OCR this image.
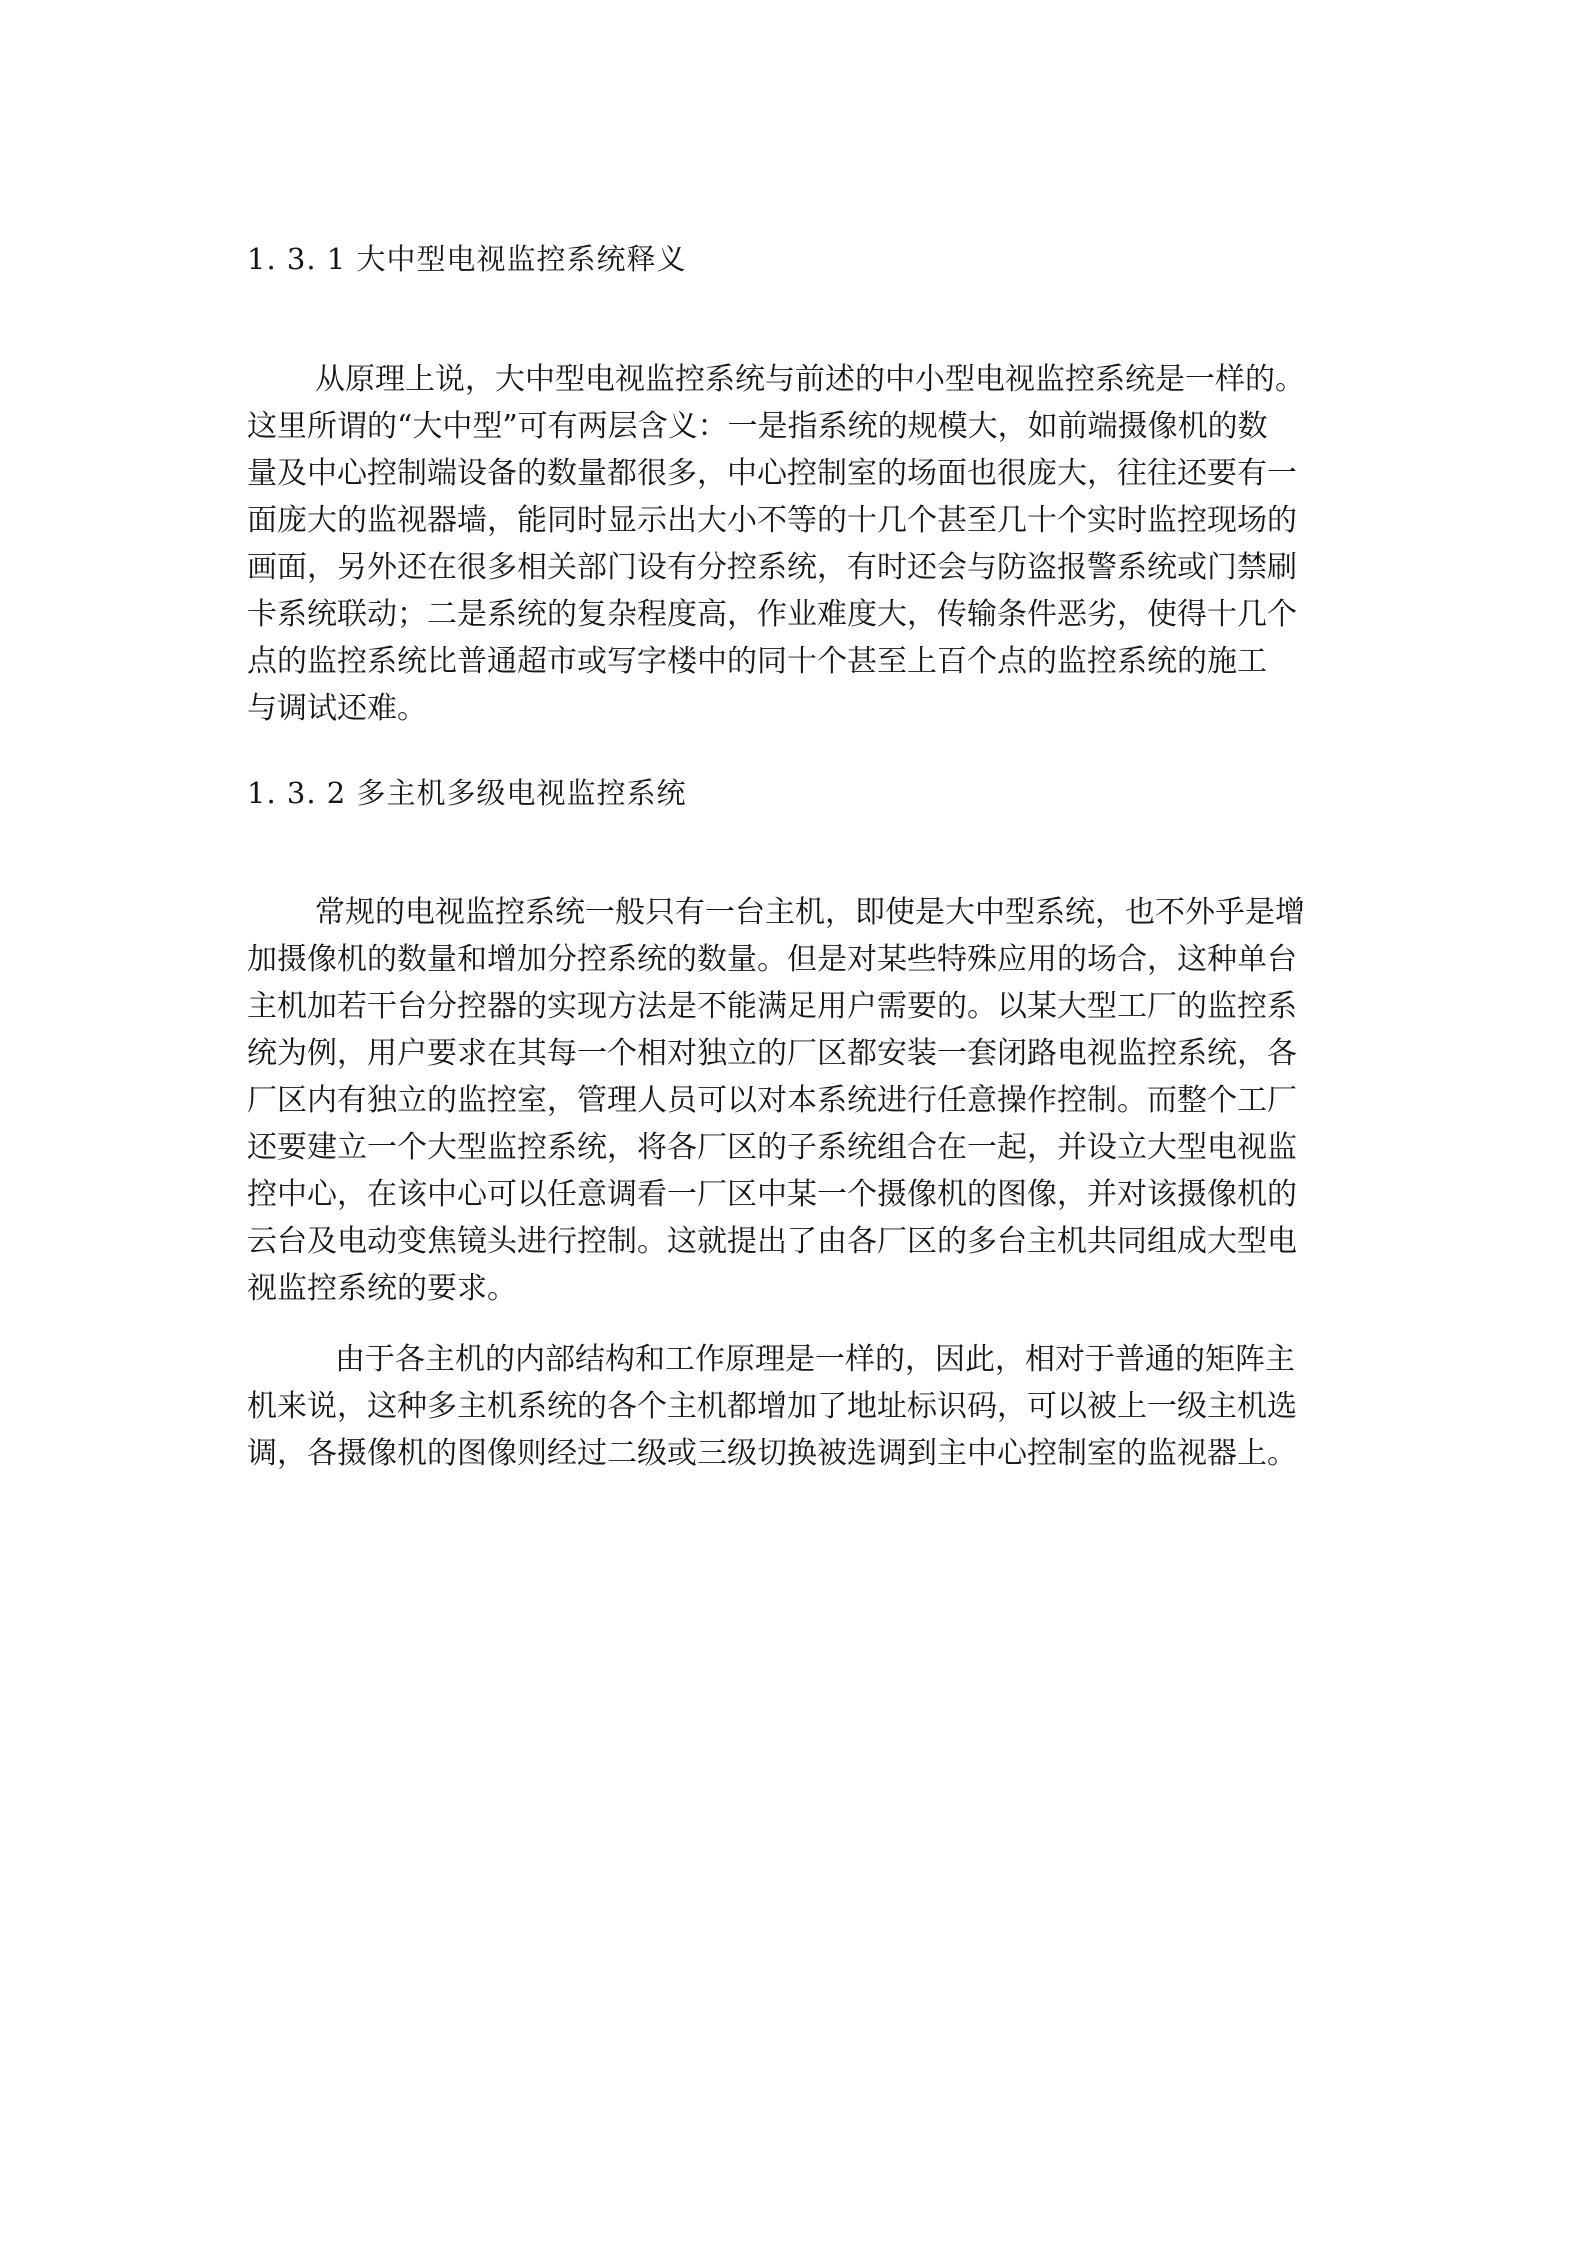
1. 3. 1 大中型电视监控系统释义
从原理上说，大中型电视监控系统与前述的中小型电视监控系统是一样的。
这里所谓的“大中型”可有两层含义：一是指系统的规模大，如前端摄像机的数
量及中心控制端设备的数量都很多，中心控制室的场面也很庞大，往往还要有一
面庞大的监视器墙，能同时显示出大小不等的十几个甚至几十个实时监控现场的
画面，另外还在很多相关部门设有分控系统，有时还会与防盗报警系统或门禁刷
卡系统联动；二是系统的复杂程度高，作业难度大，传输条件恶劣，使得十几个
点的监控系统比普通超市或写字楼中的同十个甚至上百个点的监控系统的施工
与调试还难。
1. 3. 2 多主机多级电视监控系统
常规的电视监控系统一般只有一台主机，即使是大中型系统，也不外乎是增
加摄像机的数量和增加分控系统的数量。但是对某些特殊应用的场合，这种单台
主机加若干台分控器的实现方法是不能满足用户需要的。以某大型工厂的监控系
统为例，用户要求在其每一个相对独立的厂区都安装一套闭路电视监控系统，各
厂区内有独立的监控室，管理人员可以对本系统进行任意操作控制。而整个工厂
还要建立一个大型监控系统，将各厂区的子系统组合在一起，并设立大型电视监
控中心，在该中心可以任意调看一厂区中某一个摄像机的图像，并对该摄像机的
云台及电动变焦镜头进行控制。这就提出了由各厂区的多台主机共同组成大型电
视监控系统的要求。
由于各主机的内部结构和工作原理是一样的，因此，相对于普通的矩阵主
机来说，这种多主机系统的各个主机都增加了地址标识码，可以被上一级主机选
调，各摄像机的图像则经过二级或三级切换被选调到主中心控制室的监视器上。
